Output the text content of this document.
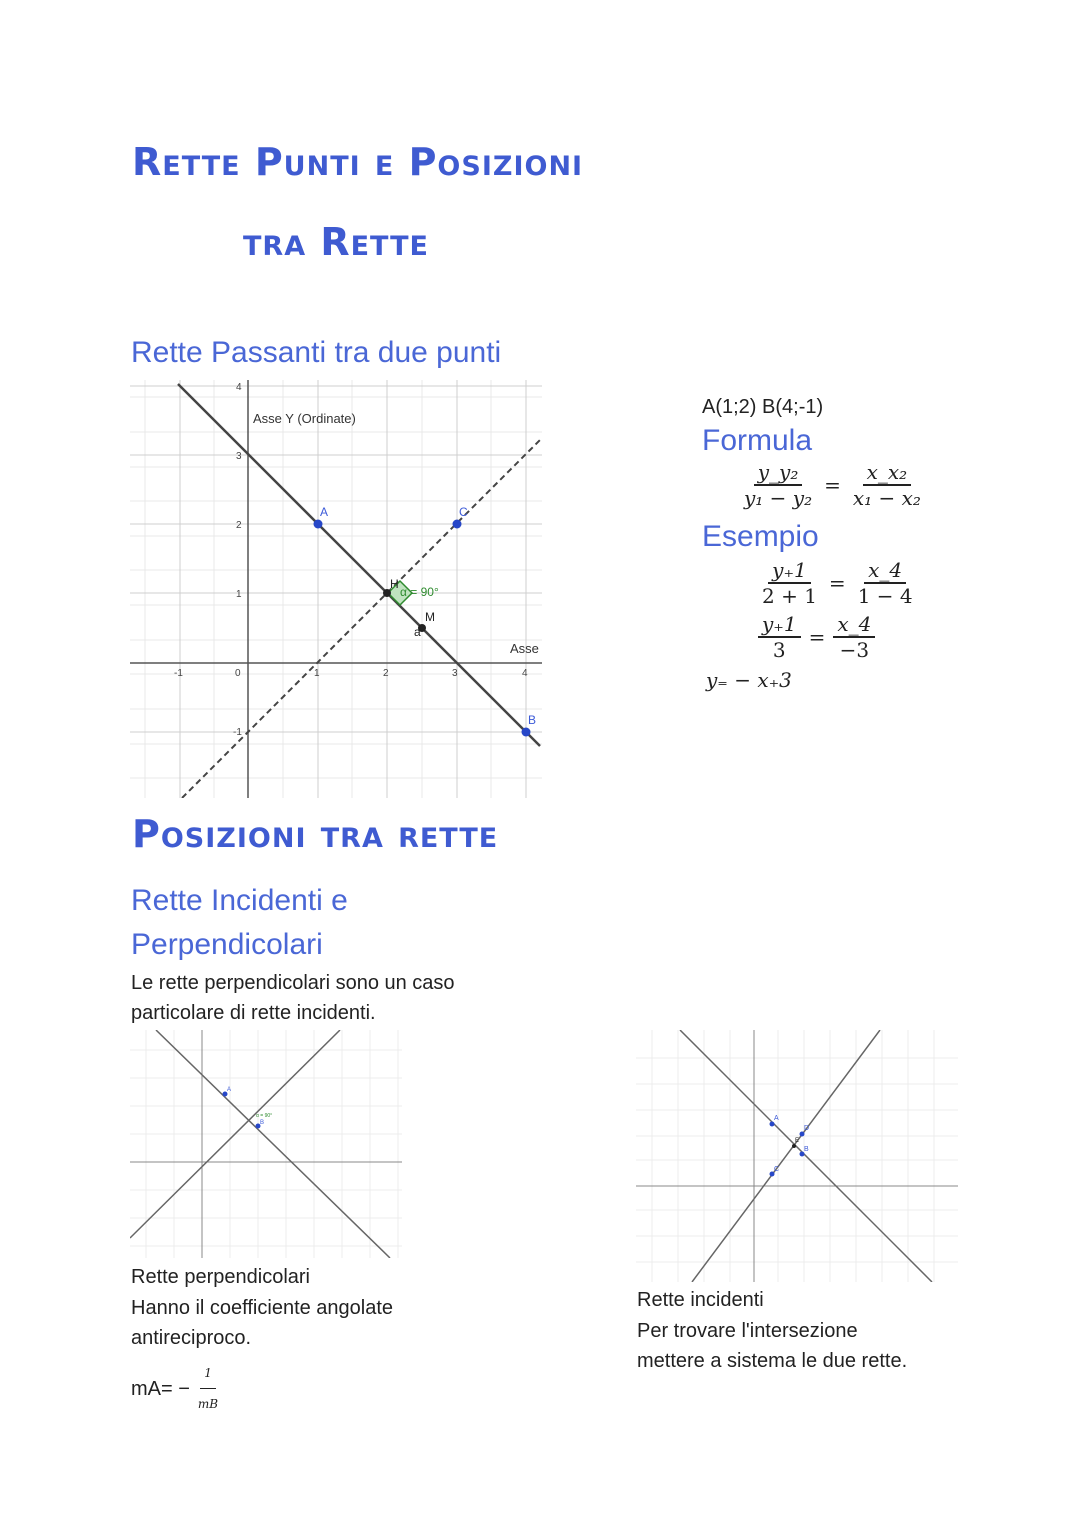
Rette Punti e Posizioni
tra Rette
Rette Passanti tra due punti
-1	0	1	2	3	4
4
3
2
1
-1
Asse Y (Ordinate)
Asse
α = 90°
A	C
H
M
a
B
A(1;2) B(4;-1)
Formula
$\frac{\text{y\_y₂}}{\text{y₁ − y₂}} = \frac{\text{x\_x₂}}{\text{x₁ − x₂}}$
Esempio
$\frac{y_+1}{2 + 1} = \frac{x\_4}{1 - 4}$
$\frac{y_+1}{3} = \frac{x\_4}{-3}$
y₌ − x₊3
Posizioni tra rette
Rette Incidenti e
Perpendicolari
Le rette perpendicolari sono un caso
particolare di rette incidenti.
A
B
α = 90°
Rette perpendicolari
Hanno il coefficiente angolate
antireciproco.
$mA= - \frac{1}{mB}$
A
B
D
E
C
Rette incidenti
Per trovare l'intersezione
mettere a sistema le due rette.
